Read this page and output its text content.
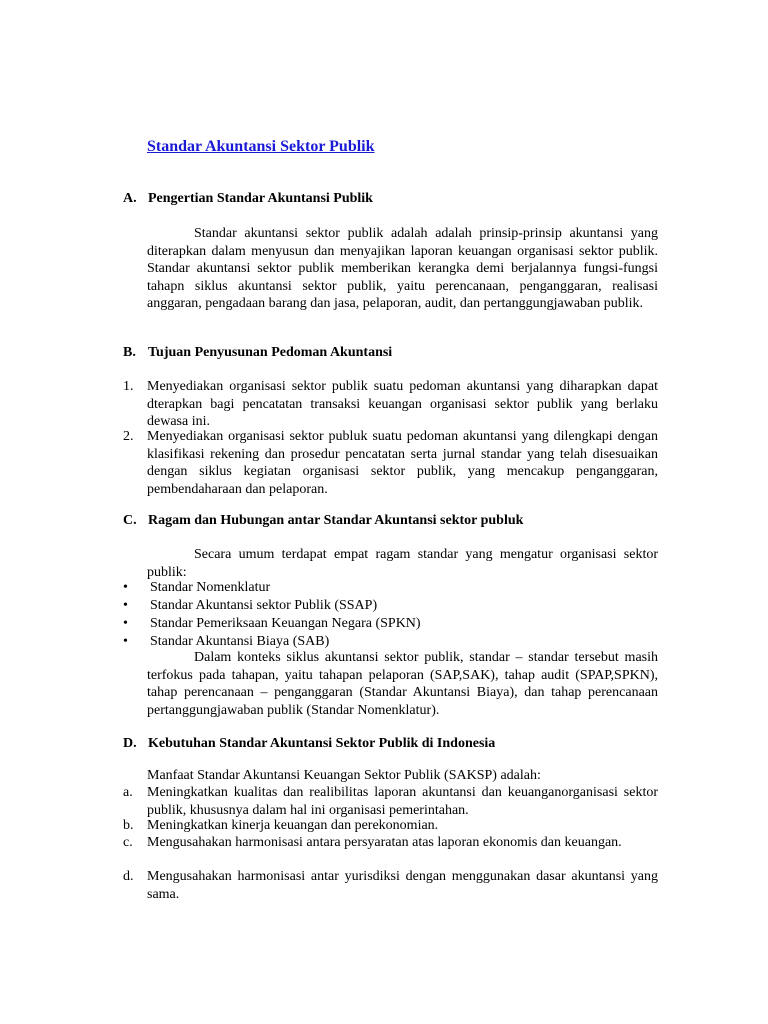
Standar Akuntansi Sektor Publik
A. Pengertian Standar Akuntansi Publik
Standar akuntansi sektor publik adalah adalah prinsip-prinsip akuntansi yang diterapkan dalam menyusun dan menyajikan laporan keuangan organisasi sektor publik. Standar akuntansi sektor publik memberikan kerangka demi berjalannya fungsi-fungsi tahapn siklus akuntansi sektor publik, yaitu perencanaan, penganggaran, realisasi anggaran, pengadaan barang dan jasa, pelaporan, audit, dan pertanggungjawaban publik.
B. Tujuan Penyusunan Pedoman Akuntansi
1. Menyediakan organisasi sektor publik suatu pedoman akuntansi yang diharapkan dapat dterapkan bagi pencatatan transaksi keuangan organisasi sektor publik yang berlaku dewasa ini.
2. Menyediakan organisasi sektor publuk suatu pedoman akuntansi yang dilengkapi dengan klasifikasi rekening dan prosedur pencatatan serta jurnal standar yang telah disesuaikan dengan siklus kegiatan organisasi sektor publik, yang mencakup penganggaran, pembendaharaan dan pelaporan.
C. Ragam dan Hubungan antar Standar Akuntansi sektor publuk
Secara umum terdapat empat ragam standar yang mengatur organisasi sektor publik:
• Standar Nomenklatur
• Standar Akuntansi sektor Publik (SSAP)
• Standar Pemeriksaan Keuangan Negara (SPKN)
• Standar Akuntansi Biaya (SAB)
Dalam konteks siklus akuntansi sektor publik, standar – standar tersebut masih terfokus pada tahapan, yaitu tahapan pelaporan (SAP,SAK), tahap audit (SPAP,SPKN), tahap perencanaan – penganggaran (Standar Akuntansi Biaya), dan tahap perencanaan pertanggungjawaban publik (Standar Nomenklatur).
D. Kebutuhan Standar Akuntansi Sektor Publik di Indonesia
Manfaat Standar Akuntansi Keuangan Sektor Publik (SAKSP) adalah:
a. Meningkatkan kualitas dan realibilitas laporan akuntansi dan keuanganorganisasi sektor publik, khususnya dalam hal ini organisasi pemerintahan.
b. Meningkatkan kinerja keuangan dan perekonomian.
c. Mengusahakan harmonisasi antara persyaratan atas laporan ekonomis dan keuangan.
d. Mengusahakan harmonisasi antar yurisdiksi dengan menggunakan dasar akuntansi yang sama.
